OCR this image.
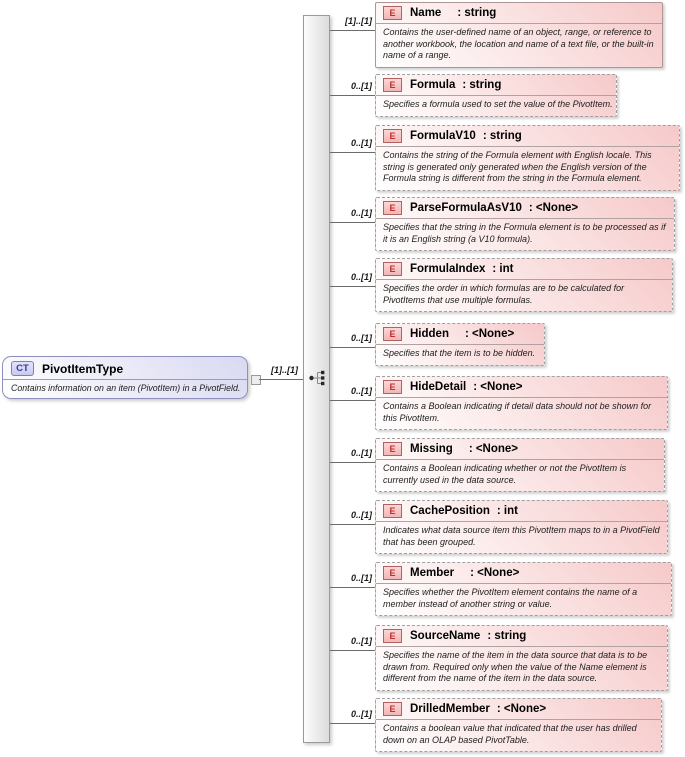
CT	PivotItemType
Contains information on an item (PivotItem) in a PivotField.
[1]..[1]
[1]..[1]
0..[1]
0..[1]
0..[1]
0..[1]
0..[1]
0..[1]
0..[1]
0..[1]
0..[1]
0..[1]
0..[1]
E	Name : string
Contains the user-defined name of an object, range, or reference to another workbook, the location and name of a text file, or the built-in name of a range.
E	Formula : string
Specifies a formula used to set the value of the PivotItem.
E	FormulaV10 : string
Contains the string of the Formula element with English locale. This string is generated only generated when the English version of the Formula string is different from the string in the Formula element.
E	ParseFormulaAsV10 : <None>
Specifies that the string in the Formula element is to be processed as if it is an English string (a V10 formula).
E	FormulaIndex : int
Specifies the order in which formulas are to be calculated for PivotItems that use multiple formulas.
E	Hidden : <None>
Specifies that the item is to be hidden.
E	HideDetail : <None>
Contains a Boolean indicating if detail data should not be shown for this PivotItem.
E	Missing : <None>
Contains a Boolean indicating whether or not the PivotItem is currently used in the data source.
E	CachePosition : int
Indicates what data source item this PivotItem maps to in a PivotField that has been grouped.
E	Member : <None>
Specifies whether the PivotItem element contains the name of a member instead of another string or value.
E	SourceName : string
Specifies the name of the item in the data source that data is to be drawn from. Required only when the value of the Name element is different from the name of the item in the data source.
E	DrilledMember : <None>
Contains a boolean value that indicated that the user has drilled down on an OLAP based PivotTable.
